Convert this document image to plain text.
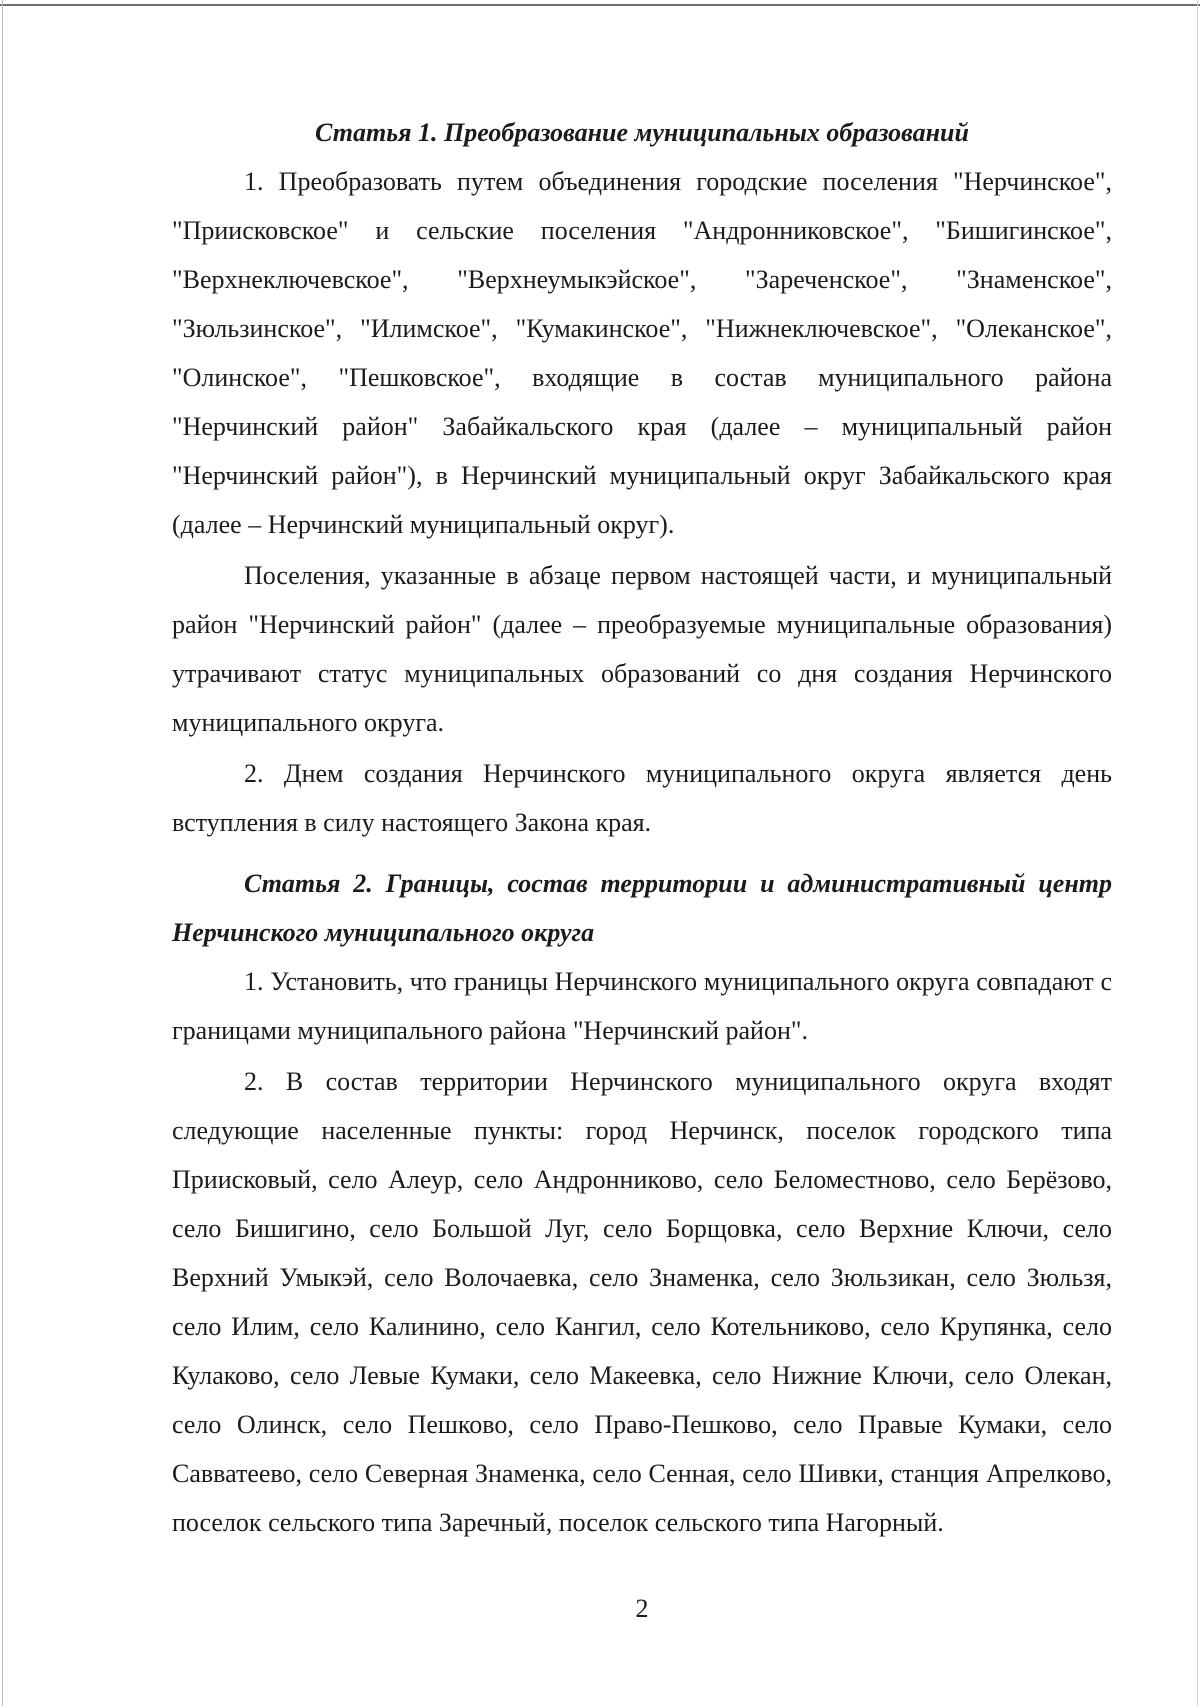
Статья 1. Преобразование муниципальных образований

1. Преобразовать путем объединения городские поселения "Нерчинское", "Приисковское" и сельские поселения "Андронниковское", "Бишигинское", "Верхнеключевское", "Верхнеумыкэйское", "Зареченское", "Знаменское", "Зюльзинское", "Илимское", "Кумакинское", "Нижнеключевское", "Олеканское", "Олинское", "Пешковское", входящие в состав муниципального района "Нерчинский район" Забайкальского края (далее – муниципальный район "Нерчинский район"), в Нерчинский муниципальный округ Забайкальского края (далее – Нерчинский муниципальный округ).

Поселения, указанные в абзаце первом настоящей части, и муниципальный район "Нерчинский район" (далее – преобразуемые муниципальные образования) утрачивают статус муниципальных образований со дня создания Нерчинского муниципального округа.

2. Днем создания Нерчинского муниципального округа является день вступления в силу настоящего Закона края.

Статья 2. Границы, состав территории и административный центр Нерчинского муниципального округа

1. Установить, что границы Нерчинского муниципального округа совпадают с границами муниципального района "Нерчинский район".

2. В состав территории Нерчинского муниципального округа входят следующие населенные пункты: город Нерчинск, поселок городского типа Приисковый, село Алеур, село Андронниково, село Беломестново, село Берёзово, село Бишигино, село Большой Луг, село Борщовка, село Верхние Ключи, село Верхний Умыкэй, село Волочаевка, село Знаменка, село Зюльзикан, село Зюльзя, село Илим, село Калинино, село Кангил, село Котельниково, село Крупянка, село Кулаково, село Левые Кумаки, село Макеевка, село Нижние Ключи, село Олекан, село Олинск, село Пешково, село Право-Пешково, село Правые Кумаки, село Савватеево, село Северная Знаменка, село Сенная, село Шивки, станция Апрелково, поселок сельского типа Заречный, поселок сельского типа Нагорный.

2
